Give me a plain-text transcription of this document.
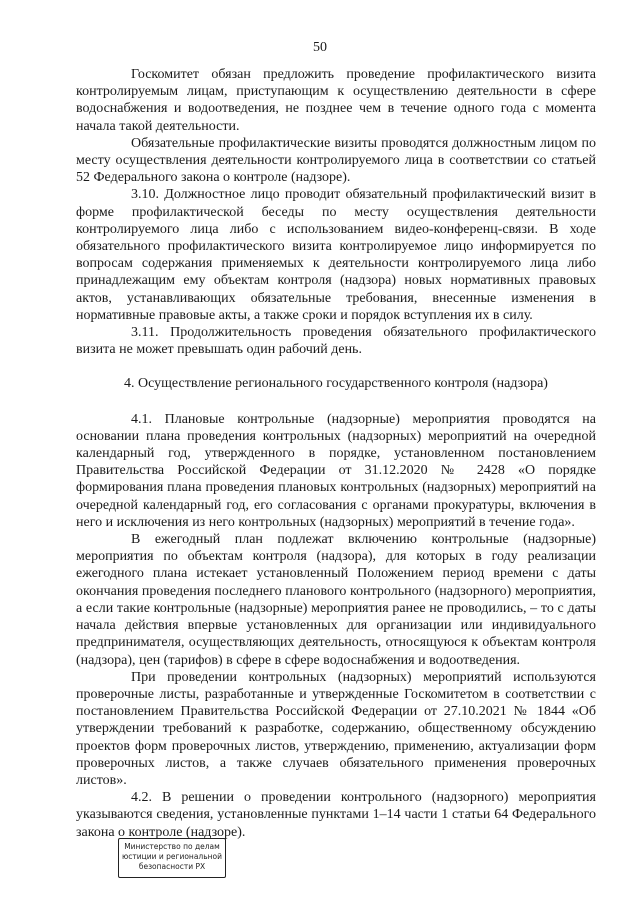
50

Госкомитет обязан предложить проведение профилактического визита контролируемым лицам, приступающим к осуществлению деятельности в сфере водоснабжения и водоотведения, не позднее чем в течение одного года с момента начала такой деятельности.

Обязательные профилактические визиты проводятся должностным лицом по месту осуществления деятельности контролируемого лица в соответствии со статьей 52 Федерального закона о контроле (надзоре).

3.10. Должностное лицо проводит обязательный профилактический визит в форме профилактической беседы по месту осуществления деятельности контролируемого лица либо с использованием видео-конференц-связи. В ходе обязательного профилактического визита контролируемое лицо информируется по вопросам содержания применяемых к деятельности контролируемого лица либо принадлежащим ему объектам контроля (надзора) новых нормативных правовых актов, устанавливающих обязательные требования, внесенные изменения в нормативные правовые акты, а также сроки и порядок вступления их в силу.

3.11. Продолжительность проведения обязательного профилактического визита не может превышать один рабочий день.

4. Осуществление регионального государственного контроля (надзора)

4.1. Плановые контрольные (надзорные) мероприятия проводятся на основании плана проведения контрольных (надзорных) мероприятий на очередной календарный год, утвержденного в порядке, установленном постановлением Правительства Российской Федерации от 31.12.2020 № 2428 «О порядке формирования плана проведения плановых контрольных (надзорных) мероприятий на очередной календарный год, его согласования с органами прокуратуры, включения в него и исключения из него контрольных (надзорных) мероприятий в течение года».

В ежегодный план подлежат включению контрольные (надзорные) мероприятия по объектам контроля (надзора), для которых в году реализации ежегодного плана истекает установленный Положением период времени с даты окончания проведения последнего планового контрольного (надзорного) мероприятия, а если такие контрольные (надзорные) мероприятия ранее не проводились, – то с даты начала действия впервые установленных для организации или индивидуального предпринимателя, осуществляющих деятельность, относящуюся к объектам контроля (надзора), цен (тарифов) в сфере в сфере водоснабжения и водоотведения.

При проведении контрольных (надзорных) мероприятий используются проверочные листы, разработанные и утвержденные Госкомитетом в соответствии с постановлением Правительства Российской Федерации от 27.10.2021 № 1844 «Об утверждении требований к разработке, содержанию, общественному обсуждению проектов форм проверочных листов, утверждению, применению, актуализации форм проверочных листов, а также случаев обязательного применения проверочных листов».

4.2. В решении о проведении контрольного (надзорного) мероприятия указываются сведения, установленные пунктами 1–14 части 1 статьи 64 Федерального закона о контроле (надзоре).

Министерство по делам
юстиции и региональной
безопасности РХ
